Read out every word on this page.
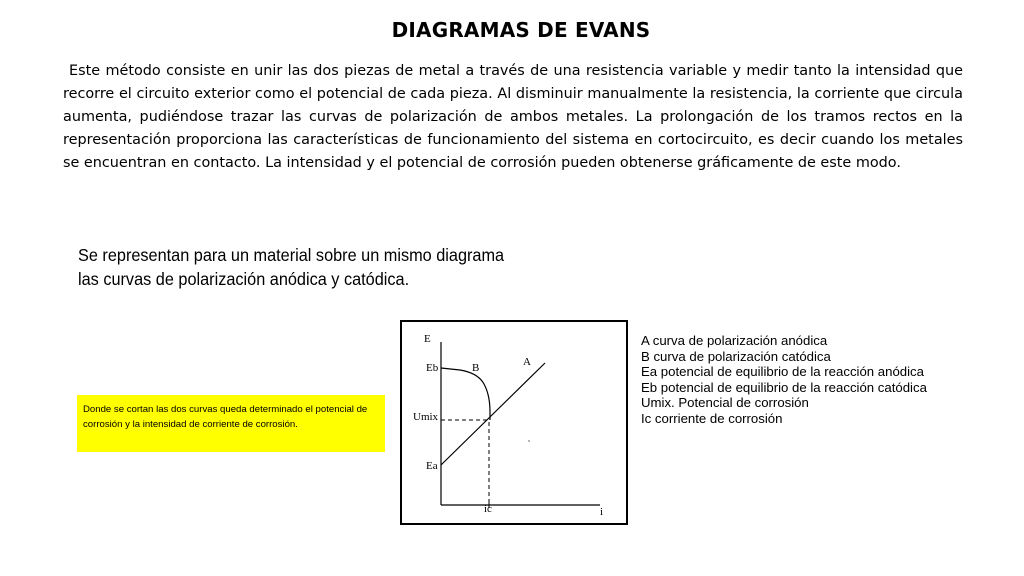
DIAGRAMAS DE EVANS
Este método consiste en unir las dos piezas de metal a través de una resistencia variable y medir tanto la intensidad que recorre el circuito exterior como el potencial de cada pieza. Al disminuir manualmente la resistencia, la corriente que circula aumenta, pudiéndose trazar las curvas de polarización de ambos metales. La prolongación de los tramos rectos en la representación proporciona las características de funcionamiento del sistema en cortocircuito, es decir cuando los metales se encuentran en contacto. La intensidad y el potencial de corrosión pueden obtenerse gráficamente de este modo.
Se representan para un material sobre un mismo diagrama las curvas de polarización anódica y catódica.
Donde se cortan las dos curvas queda determinado el potencial de corrosión y la intensidad de corriente de corrosión.
E
i
Eb
Ea
Umix
ic
A
B
A curva de polarización anódica
B curva de polarización catódica
Ea potencial de equilibrio de la reacción anódica
Eb potencial de equilibrio de la reacción catódica
Umix. Potencial de corrosión
Ic corriente de corrosión
